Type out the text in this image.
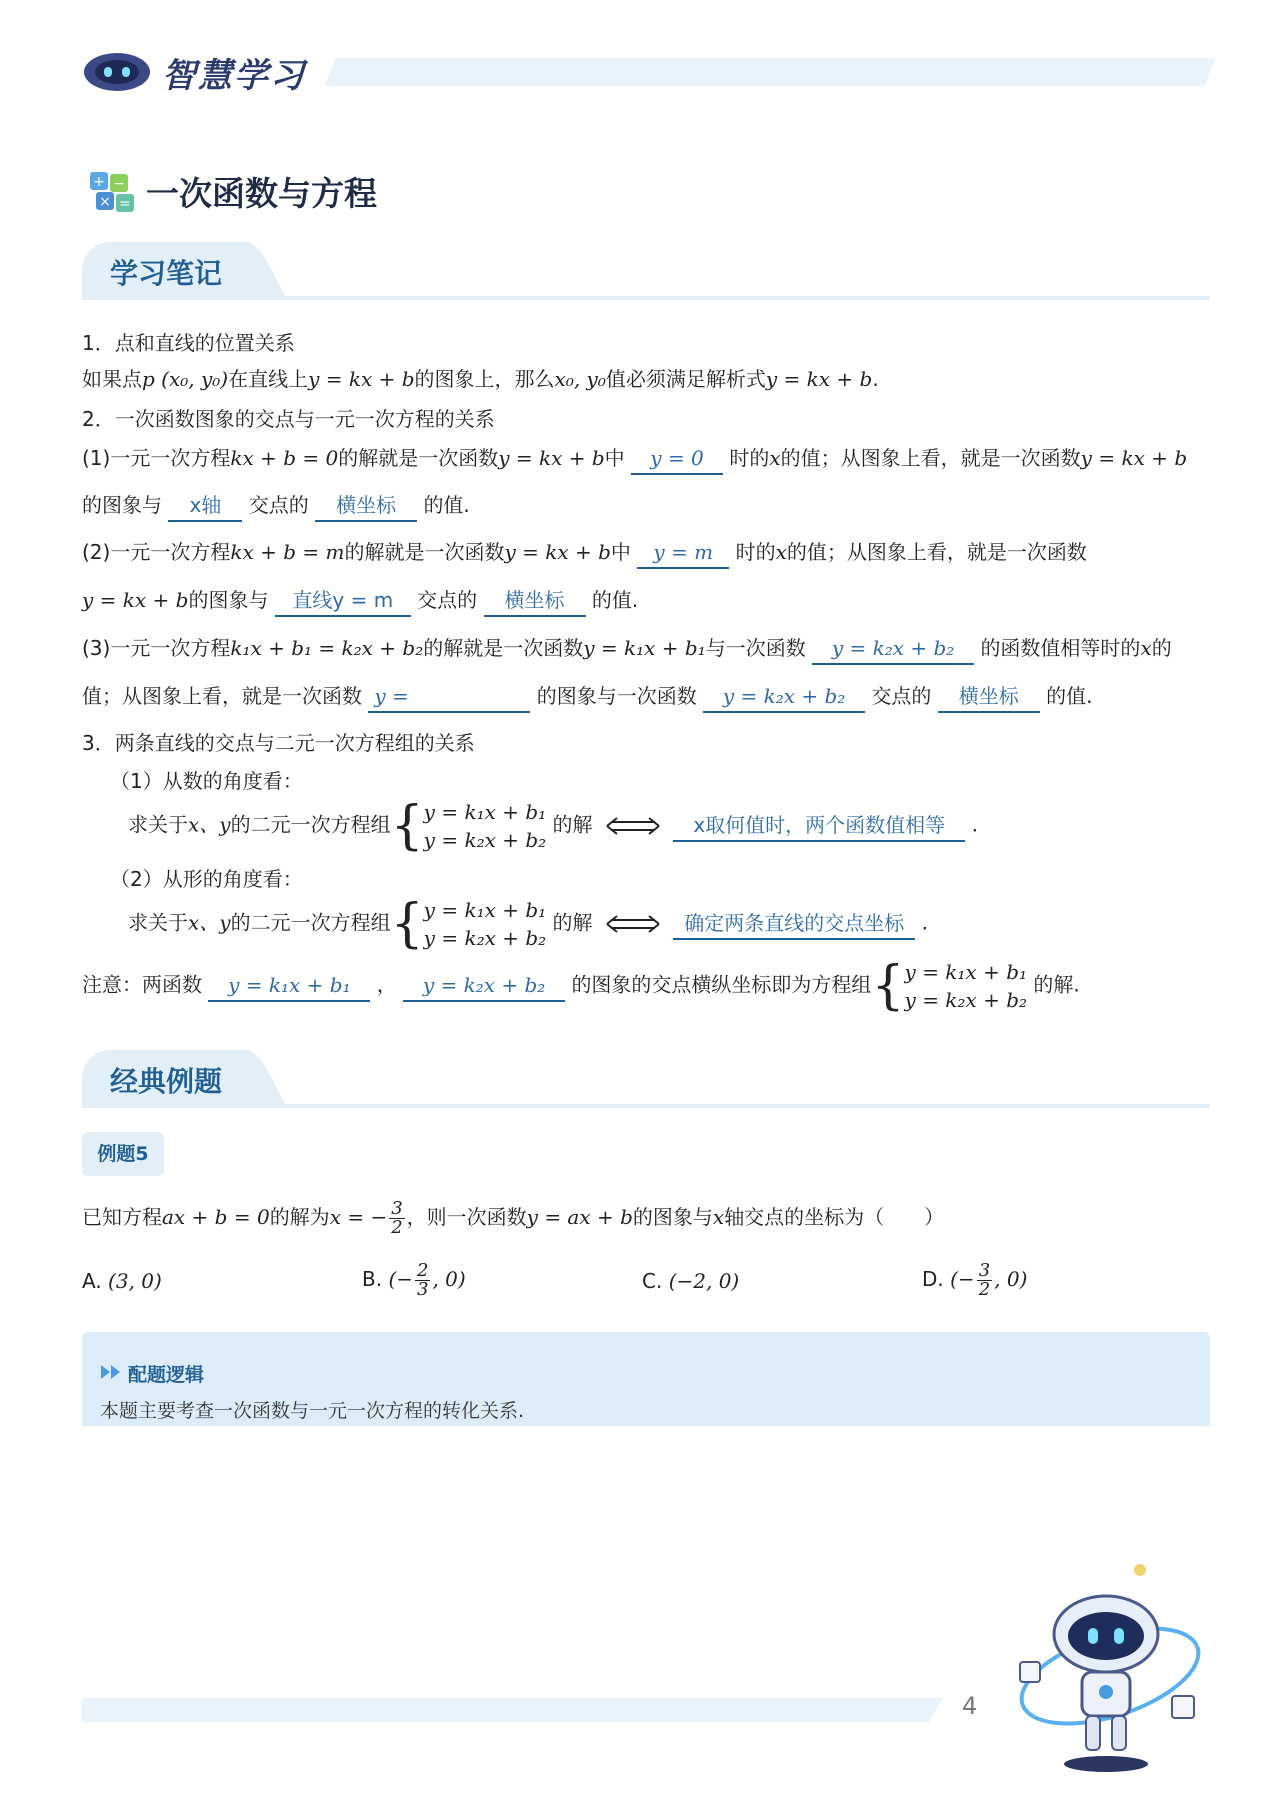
智慧学习
+ −
× = 一次函数与方程
学习笔记
1．点和直线的位置关系
如果点p (x₀, y₀)在直线上y = kx + b的图象上，那么x₀, y₀值必须满足解析式y = kx + b.
2．一次函数图象的交点与一元一次方程的关系
(1)一元一次方程kx + b = 0的解就是一次函数y = kx + b中 y = 0 时的x的值；从图象上看，就是一次函数y = kx + b
的图象与 x轴 交点的 横坐标 的值.
(2)一元一次方程kx + b = m的解就是一次函数y = kx + b中 y = m 时的x的值；从图象上看，就是一次函数
y = kx + b的图象与 直线y = m 交点的 横坐标 的值.
(3)一元一次方程k₁x + b₁ = k₂x + b₂的解就是一次函数y = k₁x + b₁与一次函数 y = k₂x + b₂ 的函数值相等时的x的
值；从图象上看，就是一次函数 y =	的图象与一次函数 y = k₂x + b₂ 交点的 横坐标 的值.
3．两条直线的交点与二元一次方程组的关系
（1）从数的角度看：
求关于x、y的二元一次方程组{ y = k₁x + b₁
y = k₂x + b₂
的解	x取何值时，两个函数值相等 .
（2）从形的角度看：
求关于x、y的二元一次方程组{ y = k₁x + b₁
y = k₂x + b₂
的解	确定两条直线的交点坐标 .
注意：两函数 y = k₁x + b₁ ， y = k₂x + b₂ 的图象的交点横纵坐标即为方程组{ y = k₁x + b₁
y = k₂x + b₂
的解.
经典例题
例题5
已知方程ax + b = 0的解为x = − $\frac{3}{2}$ ，则一次函数y = ax + b的图象与x轴交点的坐标为（　　）
A. (3, 0)	B. (− $\frac{2}{3}$ , 0)	C. (−2, 0)	D. (− $\frac{3}{2}$ , 0)
配题逻辑
本题主要考查一次函数与一元一次方程的转化关系.
4
